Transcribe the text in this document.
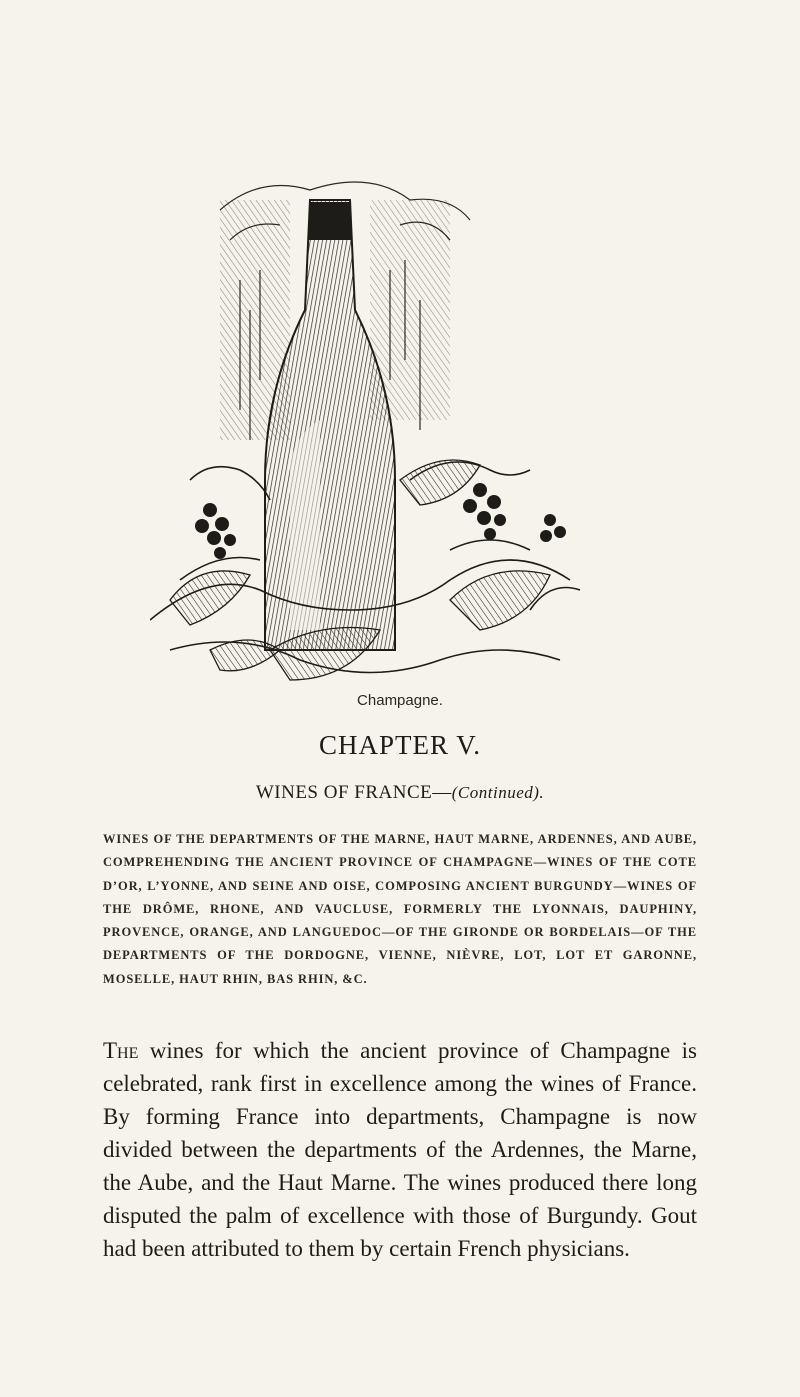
Champagne.
CHAPTER V.
WINES OF FRANCE—(Continued).
WINES OF THE DEPARTMENTS OF THE MARNE, HAUT MARNE, ARDENNES, AND AUBE, COMPREHENDING THE ANCIENT PROVINCE OF CHAMPAGNE—WINES OF THE COTE D’OR, L’YONNE, AND SEINE AND OISE, COMPOSING ANCIENT BURGUNDY—WINES OF THE DRÔME, RHONE, AND VAUCLUSE, FORMERLY THE LYONNAIS, DAUPHINY, PROVENCE, ORANGE, AND LANGUEDOC—OF THE GIRONDE OR BORDELAIS—OF THE DEPARTMENTS OF THE DORDOGNE, VIENNE, NIÈVRE, LOT, LOT ET GARONNE, MOSELLE, HAUT RHIN, BAS RHIN, &C.
The wines for which the ancient province of Champagne is celebrated, rank first in excellence among the wines of France. By forming France into departments, Champagne is now divided between the departments of the Ardennes, the Marne, the Aube, and the Haut Marne. The wines produced there long disputed the palm of excellence with those of Burgundy. Gout had been attributed to them by certain French physicians.
